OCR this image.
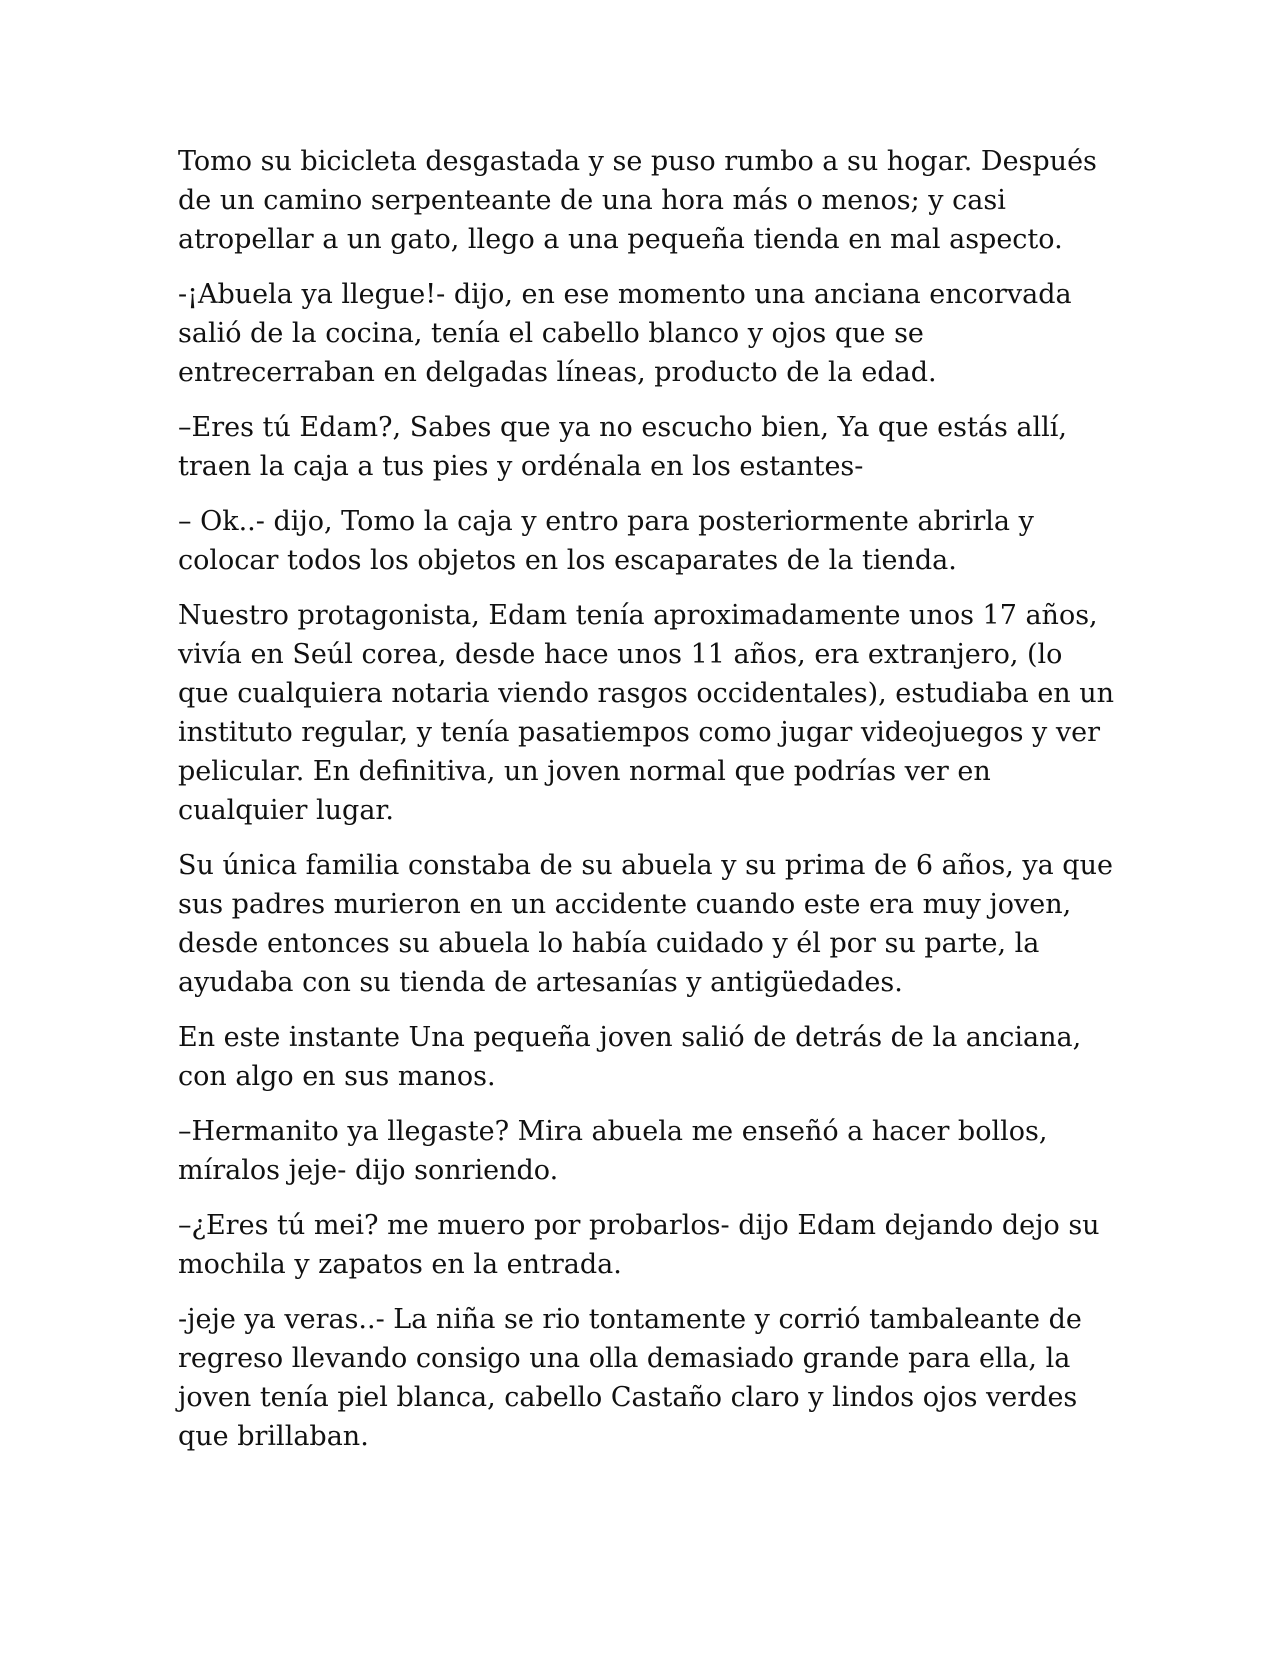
Tomo su bicicleta desgastada y se puso rumbo a su hogar. Después de un camino serpenteante de una hora más o menos; y casi atropellar a un gato, llego a una pequeña tienda en mal aspecto.

-¡Abuela ya llegue!- dijo, en ese momento una anciana encorvada salió de la cocina, tenía el cabello blanco y ojos que se entrecerraban en delgadas líneas, producto de la edad.

–Eres tú Edam?, Sabes que ya no escucho bien, Ya que estás allí, traen la caja a tus pies y ordénala en los estantes-

– Ok..- dijo, Tomo la caja y entro para posteriormente abrirla y colocar todos los objetos en los escaparates de la tienda.

Nuestro protagonista, Edam tenía aproximadamente unos 17 años, vivía en Seúl corea, desde hace unos 11 años, era extranjero, (lo que cualquiera notaria viendo rasgos occidentales), estudiaba en un instituto regular, y tenía pasatiempos como jugar videojuegos y ver pelicular. En definitiva, un joven normal que podrías ver en cualquier lugar.

Su única familia constaba de su abuela y su prima de 6 años, ya que sus padres murieron en un accidente cuando este era muy joven, desde entonces su abuela lo había cuidado y él por su parte, la ayudaba con su tienda de artesanías y antigüedades.

En este instante Una pequeña joven salió de detrás de la anciana, con algo en sus manos.

–Hermanito ya llegaste? Mira abuela me enseñó a hacer bollos, míralos jeje- dijo sonriendo.

–¿Eres tú mei? me muero por probarlos- dijo Edam dejando dejo su mochila y zapatos en la entrada.

-jeje ya veras..- La niña se rio tontamente y corrió tambaleante de regreso llevando consigo una olla demasiado grande para ella, la joven tenía piel blanca, cabello Castaño claro y lindos ojos verdes que brillaban.
